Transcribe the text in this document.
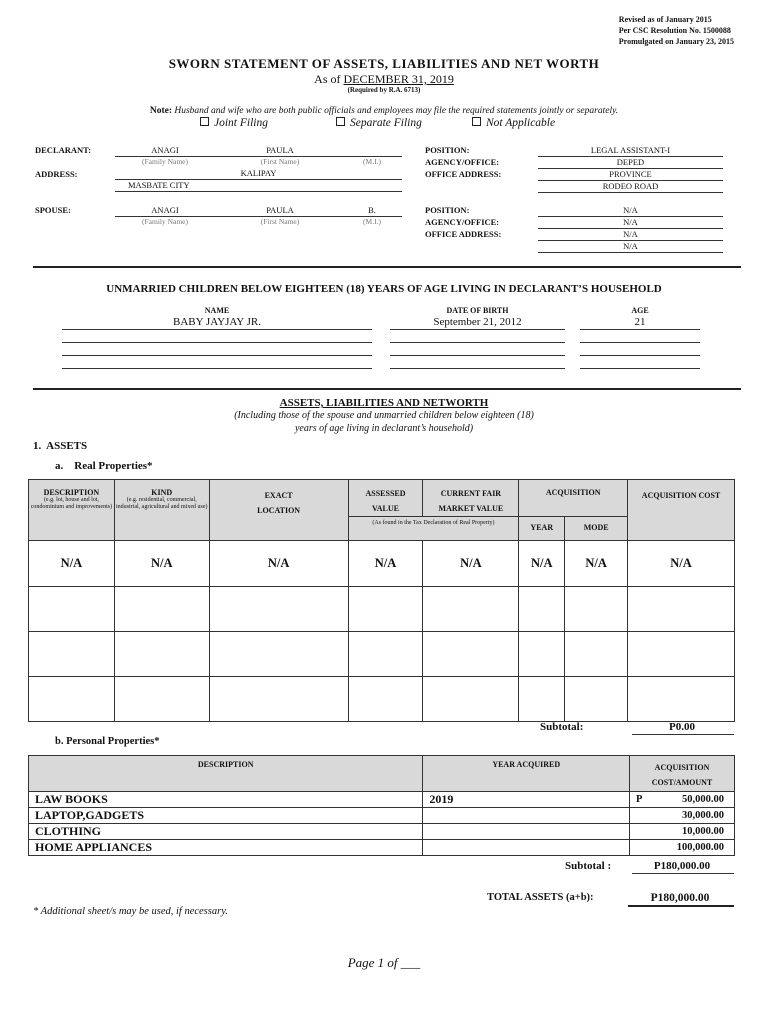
Revised as of January 2015
Per CSC Resolution No. 1500088
Promulgated on January 23, 2015
SWORN STATEMENT OF ASSETS, LIABILITIES AND NET WORTH
As of DECEMBER 31, 2019
(Required by R.A. 6713)
Note: Husband and wife who are both public officials and employees may file the required statements jointly or separately.
Joint Filing	Separate Filing	Not Applicable
DECLARANT:	ANAGI	PAULA
(Family Name)	(First Name)	(M.I.)
ADDRESS:	KALIPAY
MASBATE CITY
POSITION:	LEGAL ASSISTANT-I
AGENCY/OFFICE:	DEPED
OFFICE ADDRESS:	PROVINCE
RODEO ROAD
SPOUSE:	ANAGI	PAULA	B.
(Family Name)	(First Name)	(M.I.)
POSITION:	N/A
AGENCY/OFFICE:	N/A
OFFICE ADDRESS:	N/A
N/A
UNMARRIED CHILDREN BELOW EIGHTEEN (18) YEARS OF AGE LIVING IN DECLARANT’S HOUSEHOLD
NAME	DATE OF BIRTH	AGE
BABY JAYJAY JR.	September 21, 2012	21
ASSETS, LIABILITIES AND NETWORTH
(Including those of the spouse and unmarried children below eighteen (18)
years of age living in declarant’s household)
1.  ASSETS
a.    Real Properties*
DESCRIPTION
(e.g. lot, house and lot, condominium and improvements)	KIND
(e.g. residential, commercial, industrial, agricultural and mixed use)	EXACT LOCATION	ASSESSED VALUE	CURRENT FAIR MARKET VALUE	ACQUISITION		ACQUISITION COST

			(As found in the Tax Declaration of Real Property)		YEAR	MODE	

N/A	N/A	N/A	N/A	N/A	N/A	N/A	N/A

Subtotal:	P0.00
b. Personal Properties*
DESCRIPTION	YEAR ACQUIRED	ACQUISITION COST/AMOUNT

LAW BOOKS	2019	P 50,000.00
LAPTOP,GADGETS		30,000.00
CLOTHING		10,000.00
HOME APPLIANCES		100,000.00
Subtotal :	P180,000.00
TOTAL ASSETS (a+b):	P180,000.00
* Additional sheet/s may be used, if necessary.
Page 1 of ___
